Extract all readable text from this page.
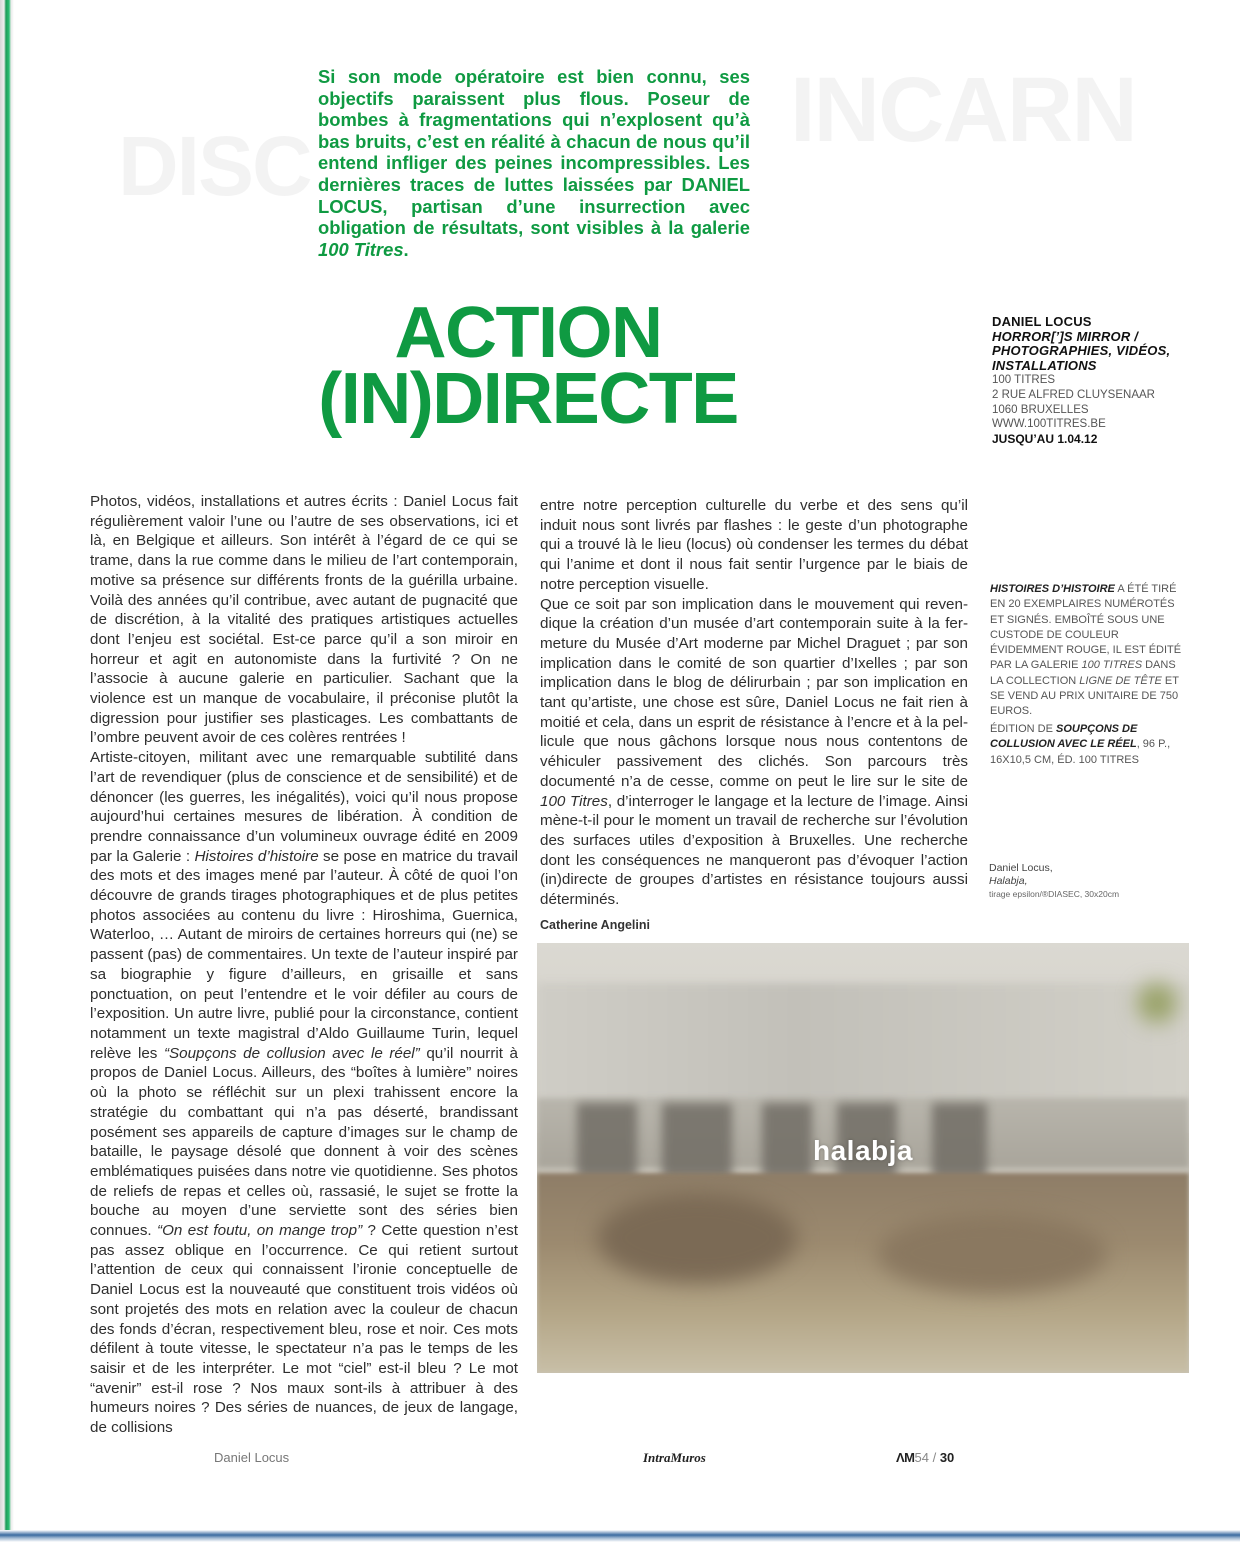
Si son mode opératoire est bien connu, ses objectifs paraissent plus flous. Poseur de bombes à fragmentations qui n’explosent qu’à bas bruits, c’est en réalité à chacun de nous qu’il entend infliger des peines incompressibles. Les dernières traces de luttes laissées par DANIEL LOCUS, partisan d’une insurrection avec obligation de résultats, sont visibles à la galerie 100 Titres.
ACTION
(IN)DIRECTE
DANIEL LOCUS
HORROR[’]S MIRROR / PHOTOGRAPHIES, VIDÉOS, INSTALLATIONS
100 TITRES
2 RUE ALFRED CLUYSENAAR
1060 BRUXELLES
WWW.100TITRES.BE
JUSQU’AU 1.04.12
HISTOIRES D’HISTOIRE A ÉTÉ TIRÉ EN 20 EXEMPLAIRES NUMÉROTÉS ET SIGNÉS. EMBOÎTÉ SOUS UNE CUSTODE DE COULEUR ÉVIDEMMENT ROUGE, IL EST ÉDITÉ PAR LA GALERIE 100 TITRES DANS LA COLLECTION LIGNE DE TÊTE ET SE VEND AU PRIX UNITAIRE DE 750 EUROS.
ÉDITION DE SOUPÇONS DE COLLUSION AVEC LE RÉEL, 96 P., 16X10,5 CM, ÉD. 100 TITRES
Daniel Locus,
Halabja,
tirage epsilon/®DIASEC, 30x20cm

Photos, vidéos, installations et autres écrits : Daniel Locus fait régulièrement valoir l’une ou l’autre de ses observations, ici et là, en Belgique et ailleurs. Son intérêt à l’égard de ce qui se trame, dans la rue comme dans le milieu de l’art contemporain, motive sa présence sur différents fronts de la guérilla urbaine. Voilà des années qu’il contribue, avec autant de pugnacité que de discrétion, à la vitalité des pratiques artistiques actuelles dont l’enjeu est sociétal. Est-ce parce qu’il a son miroir en horreur et agit en autonomiste dans la furtivité ? On ne l’associe à aucune galerie en particulier. Sachant que la violence est un manque de vocabulaire, il préconise plutôt la digression pour justifier ses plasticages. Les combattants de l’ombre peuvent avoir de ces colères rentrées !

Artiste-citoyen, militant avec une remarquable subtilité dans l’art de revendiquer (plus de conscience et de sensibilité) et de dénoncer (les guerres, les inégalités), voici qu’il nous propose aujourd’hui certaines mesures de libération. À condition de prendre connaissance d’un volumineux ouvrage édité en 2009 par la Galerie : Histoires d’histoire se pose en matrice du travail des mots et des images mené par l’auteur. À côté de quoi l’on découvre de grands tirages photographiques et de plus petites photos associées au contenu du livre : Hiroshima, Guernica, Waterloo, … Autant de miroirs de certaines horreurs qui (ne) se passent (pas) de commentaires. Un texte de l’auteur inspiré par sa biographie y figure d’ailleurs, en grisaille et sans ponctuation, on peut l’entendre et le voir défiler au cours de l’exposition. Un autre livre, publié pour la circonstance, contient notamment un texte magistral d’Aldo Guillaume Turin, lequel relève les “Soupçons de collusion avec le réel” qu’il nourrit à propos de Daniel Locus. Ailleurs, des “boîtes à lumière” noires où la photo se réfléchit sur un plexi trahissent encore la stratégie du combattant qui n’a pas déserté, brandissant posément ses appareils de capture d’images sur le champ de bataille, le paysage désolé que donnent à voir des scènes emblématiques puisées dans notre vie quotidienne. Ses photos de reliefs de repas et celles où, rassasié, le sujet se frotte la bouche au moyen d’une serviette sont des séries bien connues. “On est foutu, on mange trop” ? Cette question n’est pas assez oblique en l’occurrence. Ce qui retient surtout l’attention de ceux qui connaissent l’ironie conceptuelle de Daniel Locus est la nouveauté que constituent trois vidéos où sont projetés des mots en relation avec la couleur de chacun des fonds d’écran, respectivement bleu, rose et noir. Ces mots défilent à toute vitesse, le spectateur n’a pas le temps de les saisir et de les interpréter. Le mot “ciel” est-il bleu ? Le mot “avenir” est-il rose ? Nos maux sont-ils à attribuer à des humeurs noires ? Des séries de nuances, de jeux de langage, de collisions

entre notre perception culturelle du verbe et des sens qu’il induit nous sont livrés par flashes : le geste d’un photographe qui a trouvé là le lieu (locus) où condenser les termes du débat qui l’anime et dont il nous fait sentir l’urgence par le biais de notre perception visuelle.

Que ce soit par son implication dans le mouvement qui revendique la création d’un musée d’art contemporain suite à la fermeture du Musée d’Art moderne par Michel Draguet ; par son implication dans le comité de son quartier d’Ixelles ; par son implication dans le blog de délirurbain ; par son implication en tant qu’artiste, une chose est sûre, Daniel Locus ne fait rien à moitié et cela, dans un esprit de résistance à l’encre et à la pellicule que nous gâchons lorsque nous nous contentons de véhiculer passivement des clichés. Son parcours très documenté n’a de cesse, comme on peut le lire sur le site de 100 Titres, d’interroger le langage et la lecture de l’image. Ainsi mène-t-il pour le moment un travail de recherche sur l’évolution des surfaces utiles d’exposition à Bruxelles. Une recherche dont les conséquences ne manqueront pas d’évoquer l’action (in)directe de groupes d’artistes en résistance toujours aussi déterminés.

Catherine Angelini

halabja
Daniel Locus	IntraMuros	ΛM54 / 30
